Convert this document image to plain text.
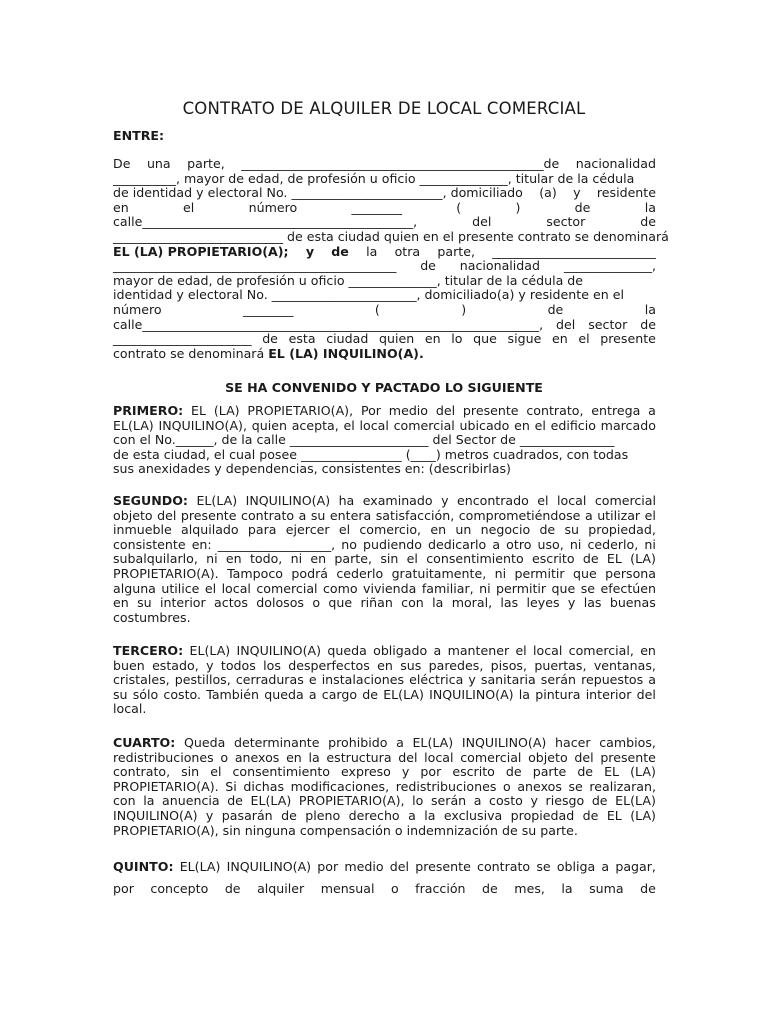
CONTRATO DE ALQUILER DE LOCAL COMERCIAL
ENTRE:
De una parte, ________________________________________________de nacionalidad
__________, mayor de edad, de profesión u oficio ______________, titular de la cédula
de identidad y electoral No. ________________________, domiciliado (a) y residente
en	el	número	________	(	)	de	la
calle___________________________________________,	del	sector	de
___________________________ de esta ciudad quien en el presente contrato se denominará
EL (LA) PROPIETARIO(A); y de la otra parte, __________________________
_____________________________________________ de nacionalidad ______________,
mayor de edad, de profesión u oficio ______________, titular de la cédula de
identidad y electoral No. _______________________, domiciliado(a) y residente en el
número	________	(	)	de	la
calle_______________________________________________________________, del sector de
______________________ de esta ciudad quien en lo que sigue en el presente
contrato se denominará EL (LA) INQUILINO(A).
SE HA CONVENIDO Y PACTADO LO SIGUIENTE
PRIMERO: EL (LA) PROPIETARIO(A), Por medio del presente contrato, entrega a
EL(LA) INQUILINO(A), quien acepta, el local comercial ubicado en el edificio marcado
con el No.______, de la calle ______________________ del Sector de _______________
de esta ciudad, el cual posee ________________ (____) metros cuadrados, con todas
sus anexidades y dependencias, consistentes en: (describirlas)
SEGUNDO: EL(LA) INQUILINO(A) ha examinado y encontrado el local comercial
objeto del presente contrato a su entera satisfacción, comprometiéndose a utilizar el
inmueble alquilado para ejercer el comercio, en un negocio de su propiedad,
consistente en: __________________, no pudiendo dedicarlo a otro uso, ni cederlo, ni
subalquilarlo, ni en todo, ni en parte, sin el consentimiento escrito de EL (LA)
PROPIETARIO(A). Tampoco podrá cederlo gratuitamente, ni permitir que persona
alguna utilice el local comercial como vivienda familiar, ni permitir que se efectúen
en su interior actos dolosos o que riñan con la moral, las leyes y las buenas
costumbres.
TERCERO: EL(LA) INQUILINO(A) queda obligado a mantener el local comercial, en
buen estado, y todos los desperfectos en sus paredes, pisos, puertas, ventanas,
cristales, pestillos, cerraduras e instalaciones eléctrica y sanitaria serán repuestos a
su sólo costo. También queda a cargo de EL(LA) INQUILINO(A) la pintura interior del
local.
CUARTO: Queda determinante prohibido a EL(LA) INQUILINO(A) hacer cambios,
redistribuciones o anexos en la estructura del local comercial objeto del presente
contrato, sin el consentimiento expreso y por escrito de parte de EL (LA)
PROPIETARIO(A). Si dichas modificaciones, redistribuciones o anexos se realizaran,
con la anuencia de EL(LA) PROPIETARIO(A), lo serán a costo y riesgo de EL(LA)
INQUILINO(A) y pasarán de pleno derecho a la exclusiva propiedad de EL (LA)
PROPIETARIO(A), sin ninguna compensación o indemnización de su parte.
QUINTO: EL(LA) INQUILINO(A) por medio del presente contrato se obliga a pagar,
por concepto de alquiler mensual o fracción de mes, la suma de
